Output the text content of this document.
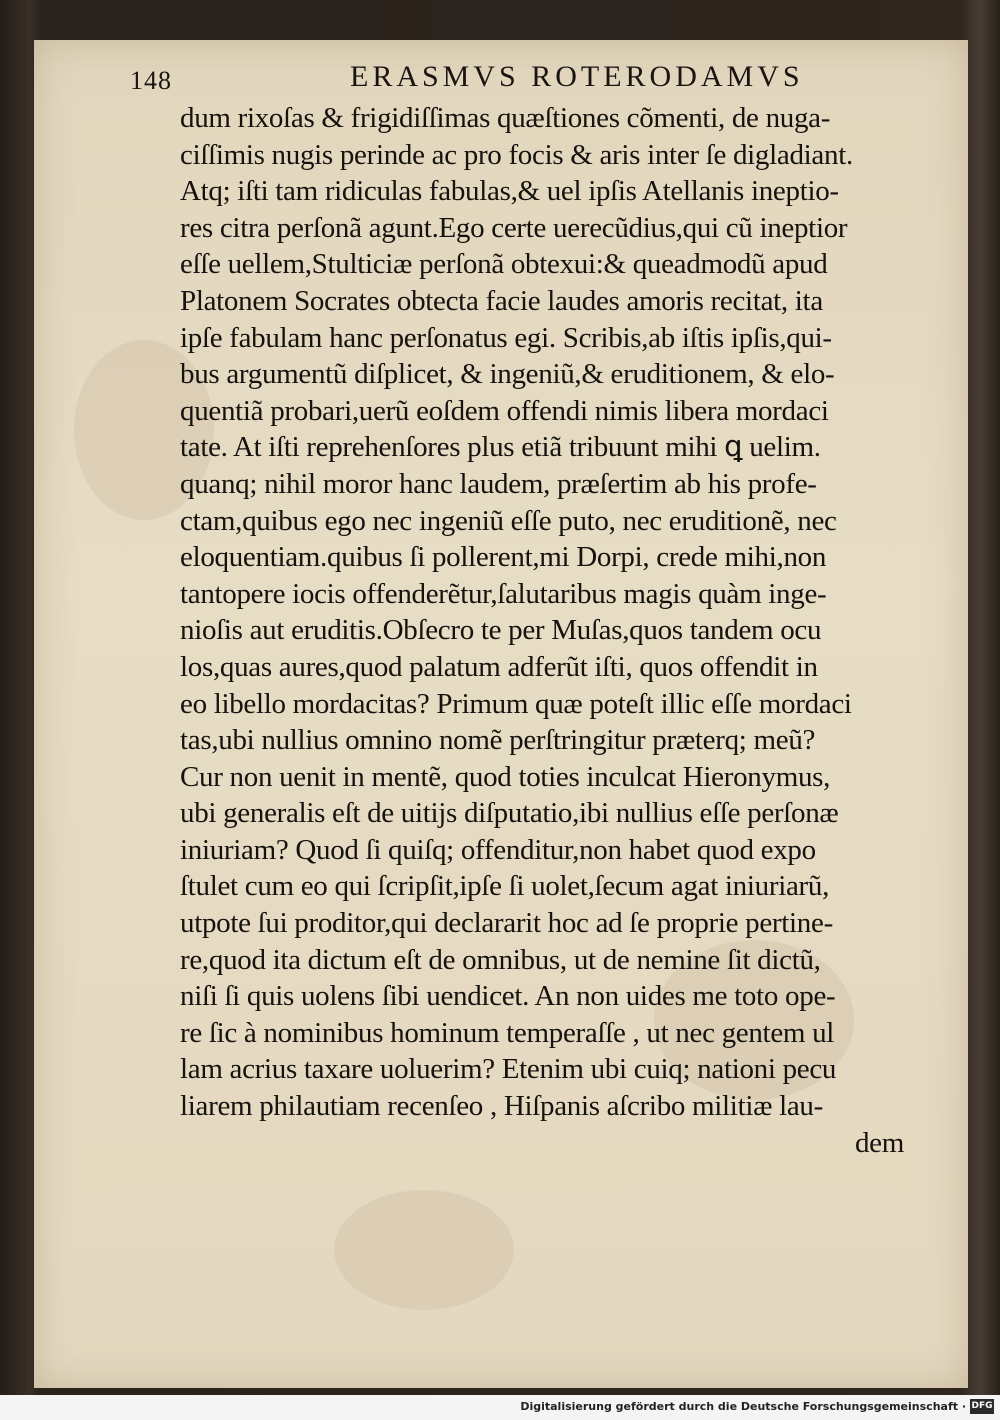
148	ERASMVS ROTERODAMVS
dum rixoſas & frigidiſſimas quæſtiones cõmenti, de nuga-
ciſſimis nugis perinde ac pro focis & aris inter ſe digladiant.
Atq; iſti tam ridiculas fabulas,& uel ipſis Atellanis ineptio-
res citra perſonã agunt.Ego certe uerecũdius,qui cũ ineptior
eſſe uellem,Stulticiæ perſonã obtexui:& queadmodũ apud
Platonem Socrates obtecta facie laudes amoris recitat, ita
ipſe fabulam hanc perſonatus egi. Scribis,ab iſtis ipſis,qui-
bus argumentũ diſplicet, & ingeniũ,& eruditionem, & elo-
quentiã probari,uerũ eoſdem offendi nimis libera mordaci
tate. At iſti reprehenſores plus etiã tribuunt mihi ꝗ uelim.
quanq; nihil moror hanc laudem, præſertim ab his profe-
ctam,quibus ego nec ingeniũ eſſe puto, nec eruditionẽ, nec
eloquentiam.quibus ſi pollerent,mi Dorpi, crede mihi,non
tantopere iocis offenderẽtur,ſalutaribus magis quàm inge-
nioſis aut eruditis.Obſecro te per Muſas,quos tandem ocu
los,quas aures,quod palatum adferũt iſti, quos offendit in
eo libello mordacitas? Primum quæ poteſt illic eſſe mordaci
tas,ubi nullius omnino nomẽ perſtringitur præterq; meũ?
Cur non uenit in mentẽ, quod toties inculcat Hieronymus,
ubi generalis eſt de uitijs diſputatio,ibi nullius eſſe perſonæ
iniuriam? Quod ſi quiſq; offenditur,non habet quod expo
ſtulet cum eo qui ſcripſit,ipſe ſi uolet,ſecum agat iniuriarũ,
utpote ſui proditor,qui declararit hoc ad ſe proprie pertine-
re,quod ita dictum eſt de omnibus, ut de nemine ſit dictũ,
niſi ſi quis uolens ſibi uendicet. An non uides me toto ope-
re ſic à nominibus hominum temperaſſe , ut nec gentem ul
lam acrius taxare uoluerim? Etenim ubi cuiq; nationi pecu
liarem philautiam recenſeo , Hiſpanis aſcribo militiæ lau-
dem
Digitalisierung gefördert durch die Deutsche Forschungsgemeinschaft · DFG
